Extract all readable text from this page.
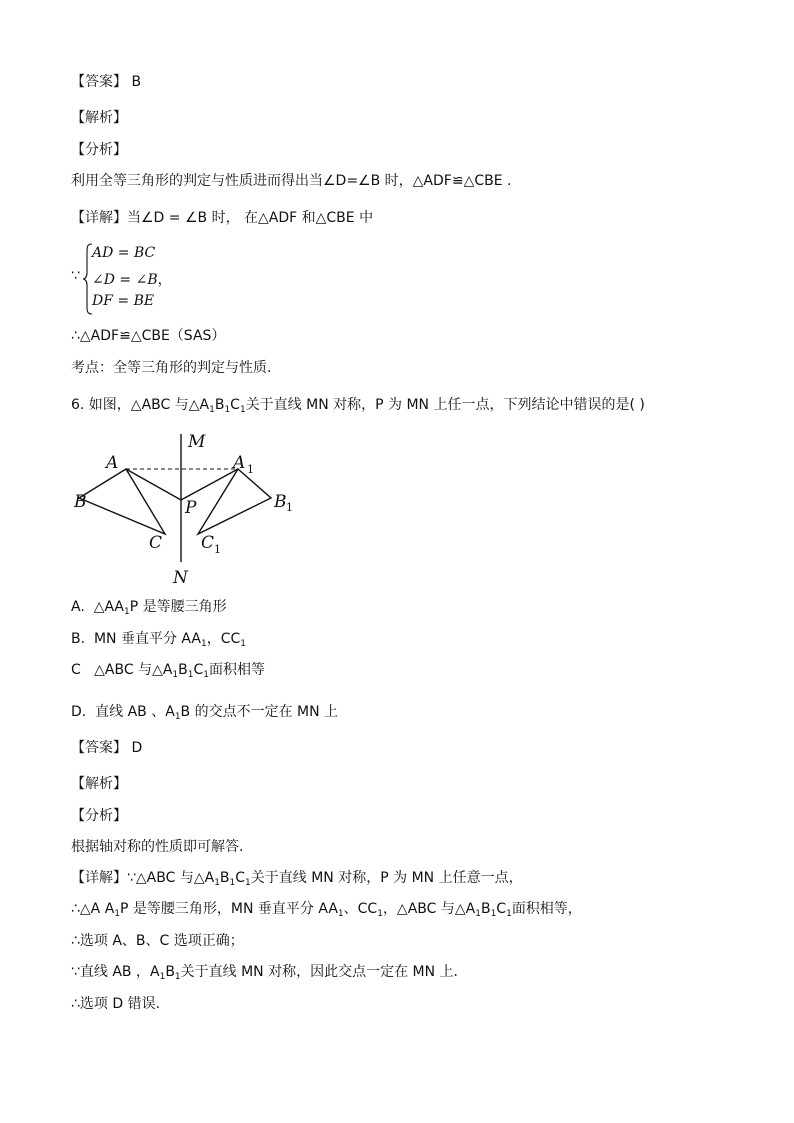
【答案】 B
【解析】
【分析】
利用全等三角形的判定与性质进而得出当∠D=∠B 时，△ADF≌△CBE .
【详解】当∠D = ∠B 时， 在△ADF 和△CBE 中
∵
AD = BC
∠D = ∠B，
DF = BE
∴△ADF≌△CBE（SAS）
考点：全等三角形的判定与性质．
6. 如图，△ABC 与$\triangle A_1B_1C_1$关于直线 MN 对称，P 为 MN 上任一点，下列结论中错误的是( )
M
N
A	A
B	B
C C
P
1
1
1
A. $\triangle AA_1P$ 是等腰三角形
B. MN 垂直平分 $AA_1$，$CC_1$
C △ABC 与$\triangle A_1B_1C_1$面积相等
D. 直线 AB 、$A_1B$ 的交点不一定在 MN 上
【答案】 D
【解析】
【分析】
根据轴对称的性质即可解答.
【详解】∵△ABC 与$\triangle A_1B_1C_1$关于直线 MN 对称，P 为 MN 上任意一点，
∴△A $A_1P$ 是等腰三角形，MN 垂直平分 $AA_1$、$CC_1$，△ABC 与$\triangle A_1B_1C_1$面积相等，
∴选项 A、B、C 选项正确；
∵直线 AB ，$A_1B_1$关于直线 MN 对称，因此交点一定在 MN 上．
∴选项 D 错误.
